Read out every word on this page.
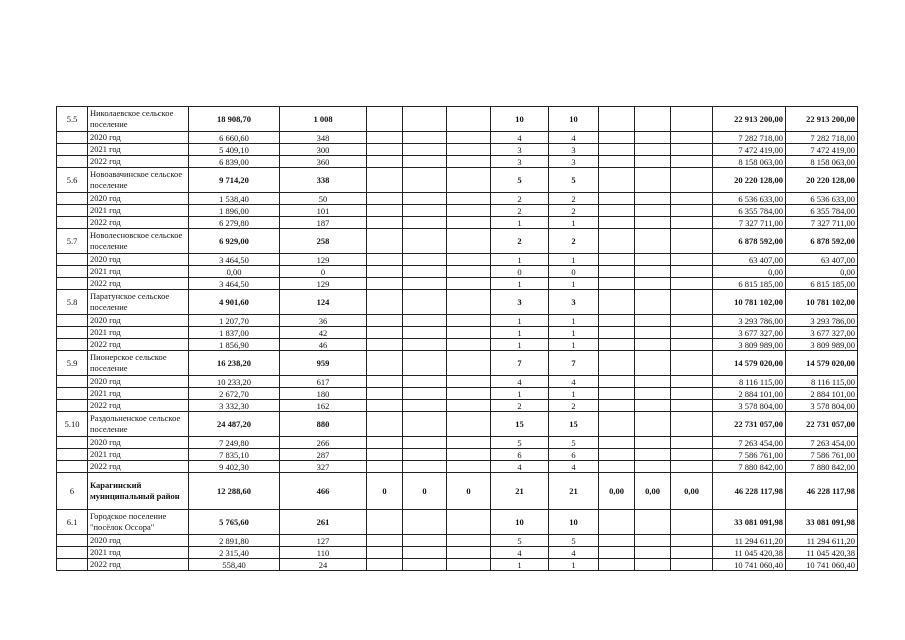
5.5	Николаевское сельское поселение	18 908,70	1 008				10	10				22 913 200,00	22 913 200,00
	2020 год	6 660,60	348				4	4				7 282 718,00	7 282 718,00
	2021 год	5 409,10	300				3	3				7 472 419,00	7 472 419,00
	2022 год	6 839,00	360				3	3				8 158 063,00	8 158 063,00
5.6	Новоавачинское сельское поселение	9 714,20	338				5	5				20 220 128,00	20 220 128,00
	2020 год	1 538,40	50				2	2				6 536 633,00	6 536 633,00
	2021 год	1 896,00	101				2	2				6 355 784,00	6 355 784,00
	2022 год	6 279,80	187				1	1				7 327 711,00	7 327 711,00
5.7	Новолесновское сельское поселение	6 929,00	258				2	2				6 878 592,00	6 878 592,00
	2020 год	3 464,50	129				1	1				63 407,00	63 407,00
	2021 год	0,00	0				0	0				0,00	0,00
	2022 год	3 464,50	129				1	1				6 815 185,00	6 815 185,00
5.8	Паратунское сельское поселение	4 901,60	124				3	3				10 781 102,00	10 781 102,00
	2020 год	1 207,70	36				1	1				3 293 786,00	3 293 786,00
	2021 год	1 837,00	42				1	1				3 677 327,00	3 677 327,00
	2022 год	1 856,90	46				1	1				3 809 989,00	3 809 989,00
5.9	Пионерское сельское поселение	16 238,20	959				7	7				14 579 020,00	14 579 020,00
	2020 год	10 233,20	617				4	4				8 116 115,00	8 116 115,00
	2021 год	2 672,70	180				1	1				2 884 101,00	2 884 101,00
	2022 год	3 332,30	162				2	2				3 578 804,00	3 578 804,00
5.10	Раздольненское сельское поселение	24 487,20	880				15	15				22 731 057,00	22 731 057,00
	2020 год	7 249,80	266				5	5				7 263 454,00	7 263 454,00
	2021 год	7 835,10	287				6	6				7 586 761,00	7 586 761,00
	2022 год	9 402,30	327				4	4				7 880 842,00	7 880 842,00
6	Карагинский муниципальный район	12 288,60	466	0	0	0	21	21	0,00	0,00	0,00	46 228 117,98	46 228 117,98
6.1	Городское поселение "посёлок Оссора"	5 765,60	261				10	10				33 081 091,98	33 081 091,98
	2020 год	2 891,80	127				5	5				11 294 611,20	11 294 611,20
	2021 год	2 315,40	110				4	4				11 045 420,38	11 045 420,38
	2022 год	558,40	24				1	1				10 741 060,40	10 741 060,40
